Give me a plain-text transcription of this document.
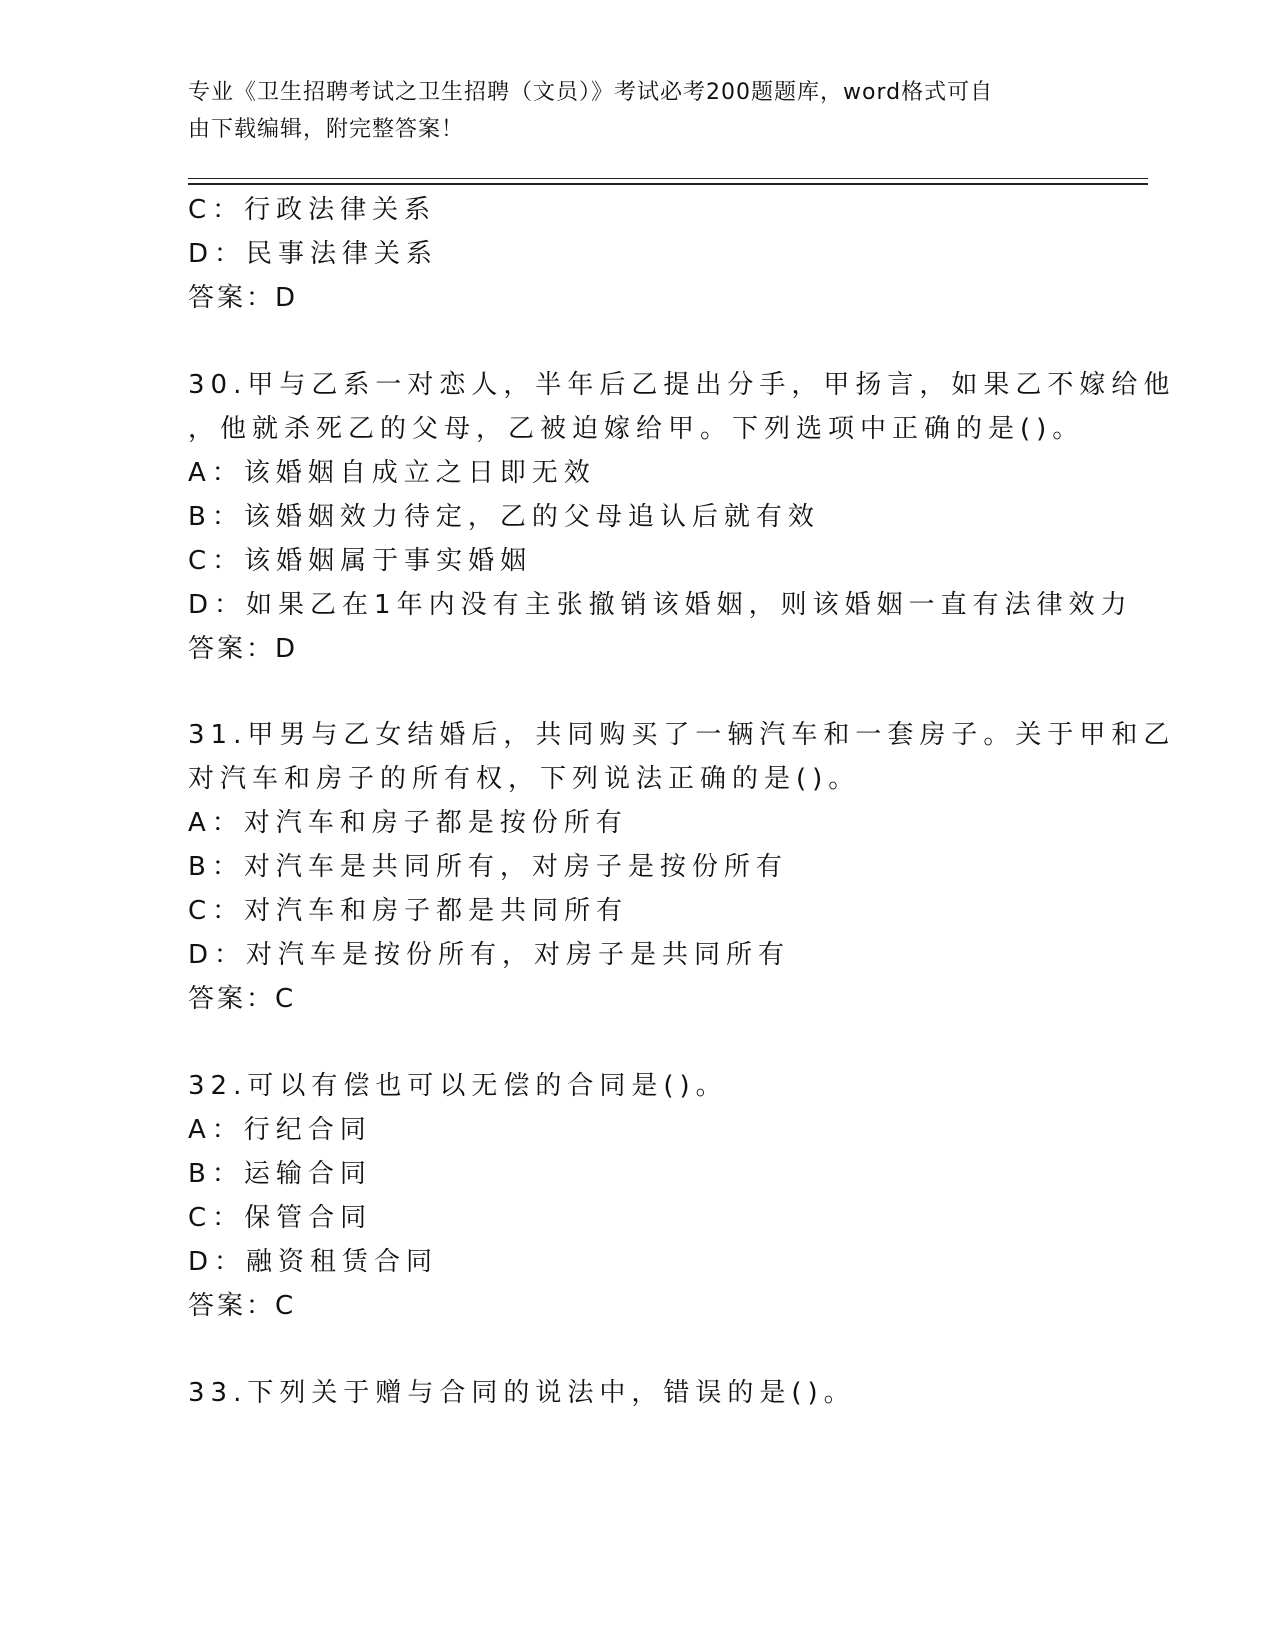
专业《卫生招聘考试之卫生招聘（文员）》考试必考200题题库，word格式可自
由下载编辑，附完整答案！
C：行政法律关系
D：民事法律关系
答案：D
30.甲与乙系一对恋人，半年后乙提出分手，甲扬言，如果乙不嫁给他
，他就杀死乙的父母，乙被迫嫁给甲。下列选项中正确的是()。
A：该婚姻自成立之日即无效
B：该婚姻效力待定，乙的父母追认后就有效
C：该婚姻属于事实婚姻
D：如果乙在1年内没有主张撤销该婚姻，则该婚姻一直有法律效力
答案：D
31.甲男与乙女结婚后，共同购买了一辆汽车和一套房子。关于甲和乙
对汽车和房子的所有权，下列说法正确的是()。
A：对汽车和房子都是按份所有
B：对汽车是共同所有，对房子是按份所有
C：对汽车和房子都是共同所有
D：对汽车是按份所有，对房子是共同所有
答案：C
32.可以有偿也可以无偿的合同是()。
A：行纪合同
B：运输合同
C：保管合同
D：融资租赁合同
答案：C
33.下列关于赠与合同的说法中，错误的是()。
